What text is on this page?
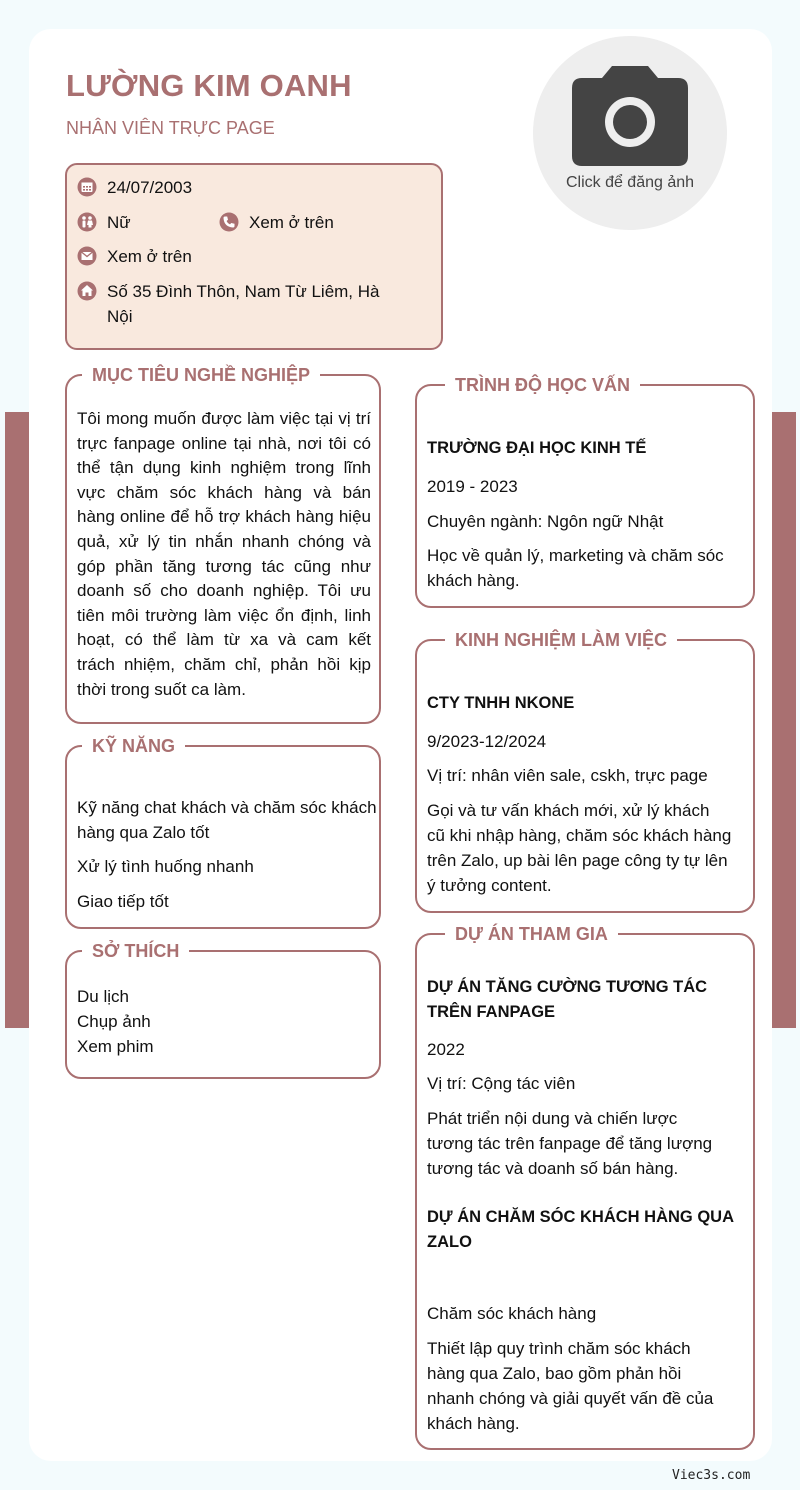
LƯỜNG KIM OANH
NHÂN VIÊN TRỰC PAGE
Click để đăng ảnh
24/07/2003
Nữ	Xem ở trên
Xem ở trên
Số 35 Đình Thôn, Nam Từ Liêm, Hà Nội
MỤC TIÊU NGHỀ NGHIỆP
Tôi mong muốn được làm việc tại vị trí
trực fanpage online tại nhà, nơi tôi có
thể tận dụng kinh nghiệm trong lĩnh
vực chăm sóc khách hàng và bán
hàng online để hỗ trợ khách hàng hiệu
quả, xử lý tin nhắn nhanh chóng và
góp phần tăng tương tác cũng như
doanh số cho doanh nghiệp. Tôi ưu
tiên môi trường làm việc ổn định, linh
hoạt, có thể làm từ xa và cam kết
trách nhiệm, chăm chỉ, phản hồi kịp
thời trong suốt ca làm.
KỸ NĂNG
Kỹ năng chat khách và chăm sóc khách hàng qua Zalo tốt
Xử lý tình huống nhanh
Giao tiếp tốt
SỞ THÍCH
Du lịch
Chụp ảnh
Xem phim
TRÌNH ĐỘ HỌC VẤN
TRƯỜNG ĐẠI HỌC KINH TẾ
2019 - 2023
Chuyên ngành: Ngôn ngữ Nhật
Học về quản lý, marketing và chăm sóc khách hàng.
KINH NGHIỆM LÀM VIỆC
CTY TNHH NKONE
9/2023-12/2024
Vị trí: nhân viên sale, cskh, trực page
Gọi và tư vấn khách mới, xử lý khách cũ khi nhập hàng, chăm sóc khách hàng trên Zalo, up bài lên page công ty tự lên ý tưởng content.
DỰ ÁN THAM GIA
DỰ ÁN TĂNG CƯỜNG TƯƠNG TÁC TRÊN FANPAGE
2022
Vị trí: Cộng tác viên
Phát triển nội dung và chiến lược tương tác trên fanpage để tăng lượng tương tác và doanh số bán hàng.
DỰ ÁN CHĂM SÓC KHÁCH HÀNG QUA ZALO
Chăm sóc khách hàng
Thiết lập quy trình chăm sóc khách hàng qua Zalo, bao gồm phản hồi nhanh chóng và giải quyết vấn đề của khách hàng.
Viec3s.com
